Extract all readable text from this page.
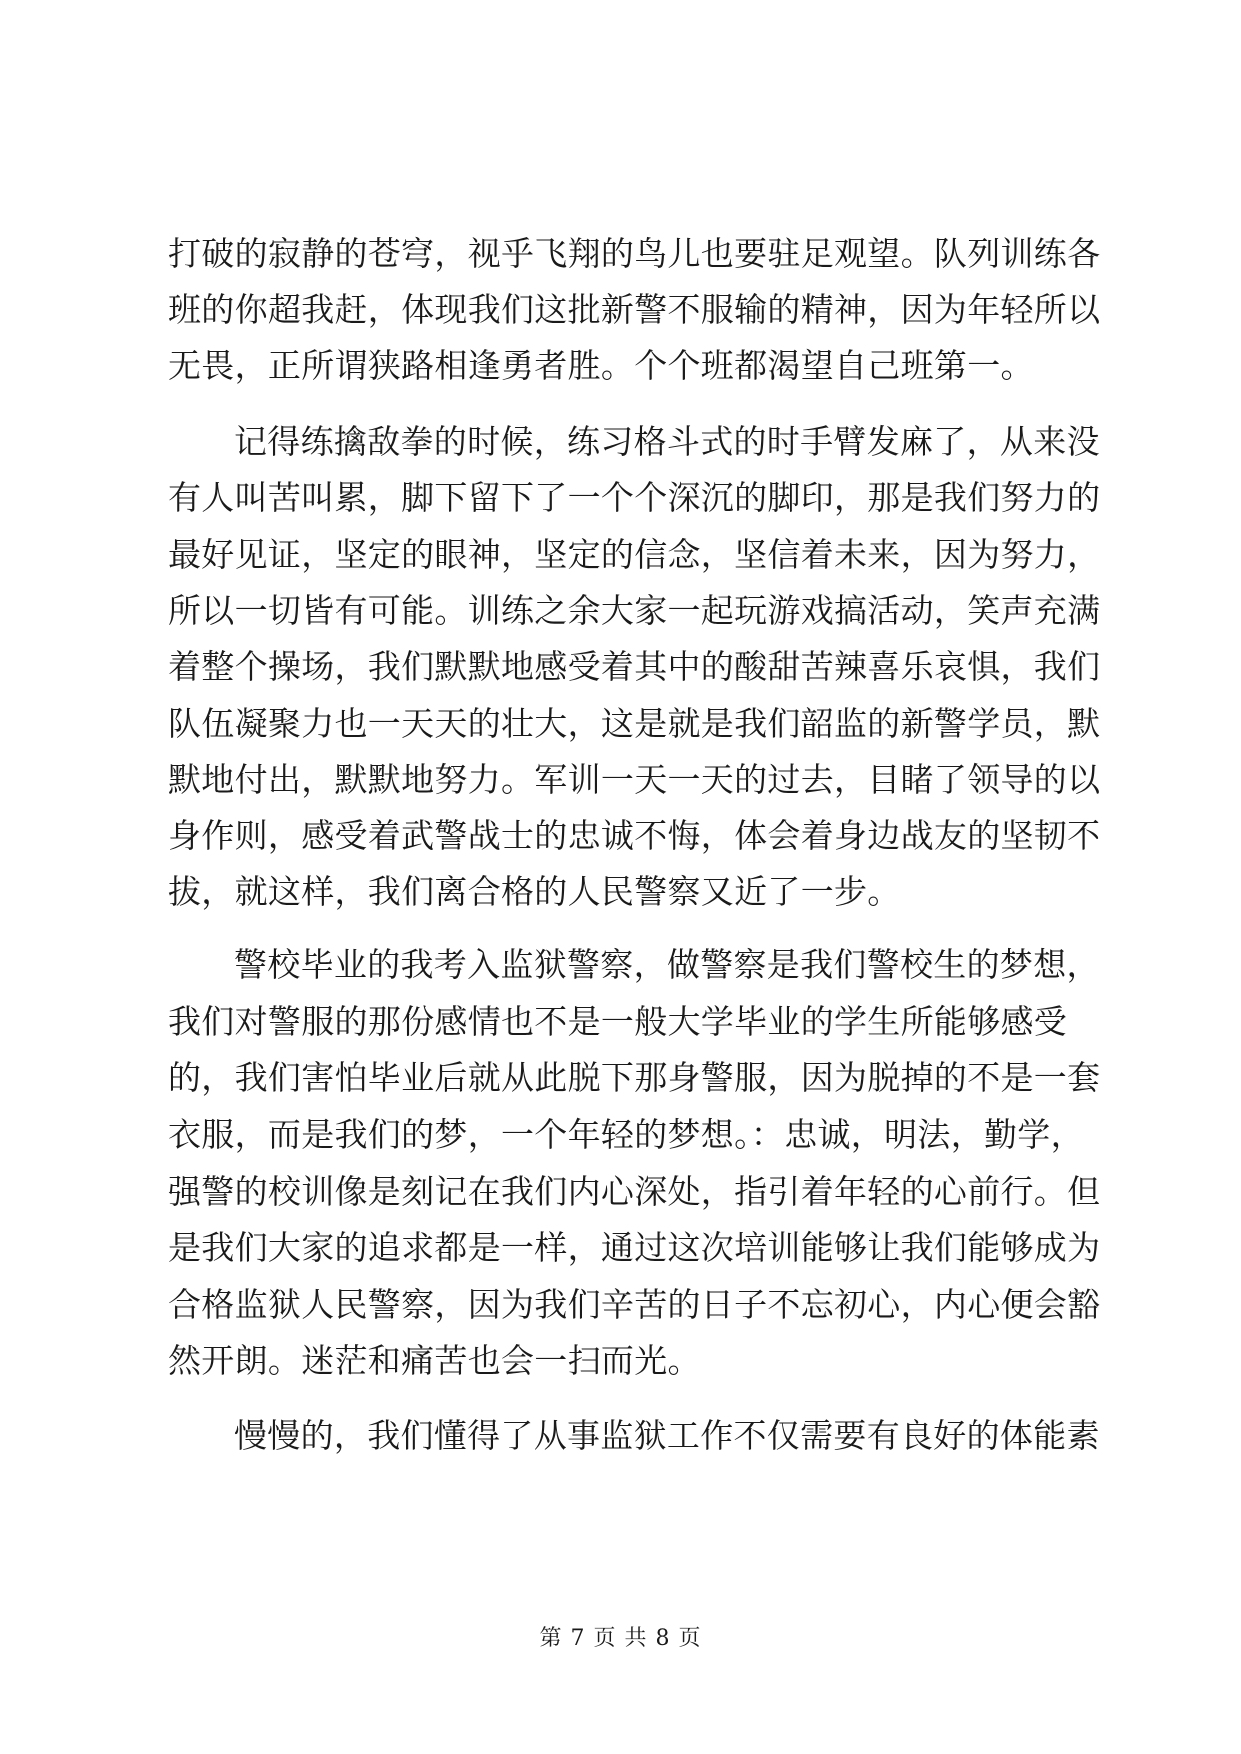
打破的寂静的苍穹，视乎飞翔的鸟儿也要驻足观望。队列训练各
班的你超我赶，体现我们这批新警不服输的精神，因为年轻所以
无畏，正所谓狭路相逢勇者胜。个个班都渴望自己班第一。
记得练擒敌拳的时候，练习格斗式的时手臂发麻了，从来没
有人叫苦叫累，脚下留下了一个个深沉的脚印，那是我们努力的
最好见证，坚定的眼神，坚定的信念，坚信着未来，因为努力，
所以一切皆有可能。训练之余大家一起玩游戏搞活动，笑声充满
着整个操场，我们默默地感受着其中的酸甜苦辣喜乐哀惧，我们
队伍凝聚力也一天天的壮大，这是就是我们韶监的新警学员，默
默地付出，默默地努力。军训一天一天的过去，目睹了领导的以
身作则，感受着武警战士的忠诚不悔，体会着身边战友的坚韧不
拔，就这样，我们离合格的人民警察又近了一步。
警校毕业的我考入监狱警察，做警察是我们警校生的梦想，
我们对警服的那份感情也不是一般大学毕业的学生所能够感受
的，我们害怕毕业后就从此脱下那身警服，因为脱掉的不是一套
衣服，而是我们的梦，一个年轻的梦想。：忠诚，明法，勤学，
强警的校训像是刻记在我们内心深处，指引着年轻的心前行。但
是我们大家的追求都是一样，通过这次培训能够让我们能够成为
合格监狱人民警察，因为我们辛苦的日子不忘初心，内心便会豁
然开朗。迷茫和痛苦也会一扫而光。
慢慢的，我们懂得了从事监狱工作不仅需要有良好的体能素
第 7 页 共 8 页
